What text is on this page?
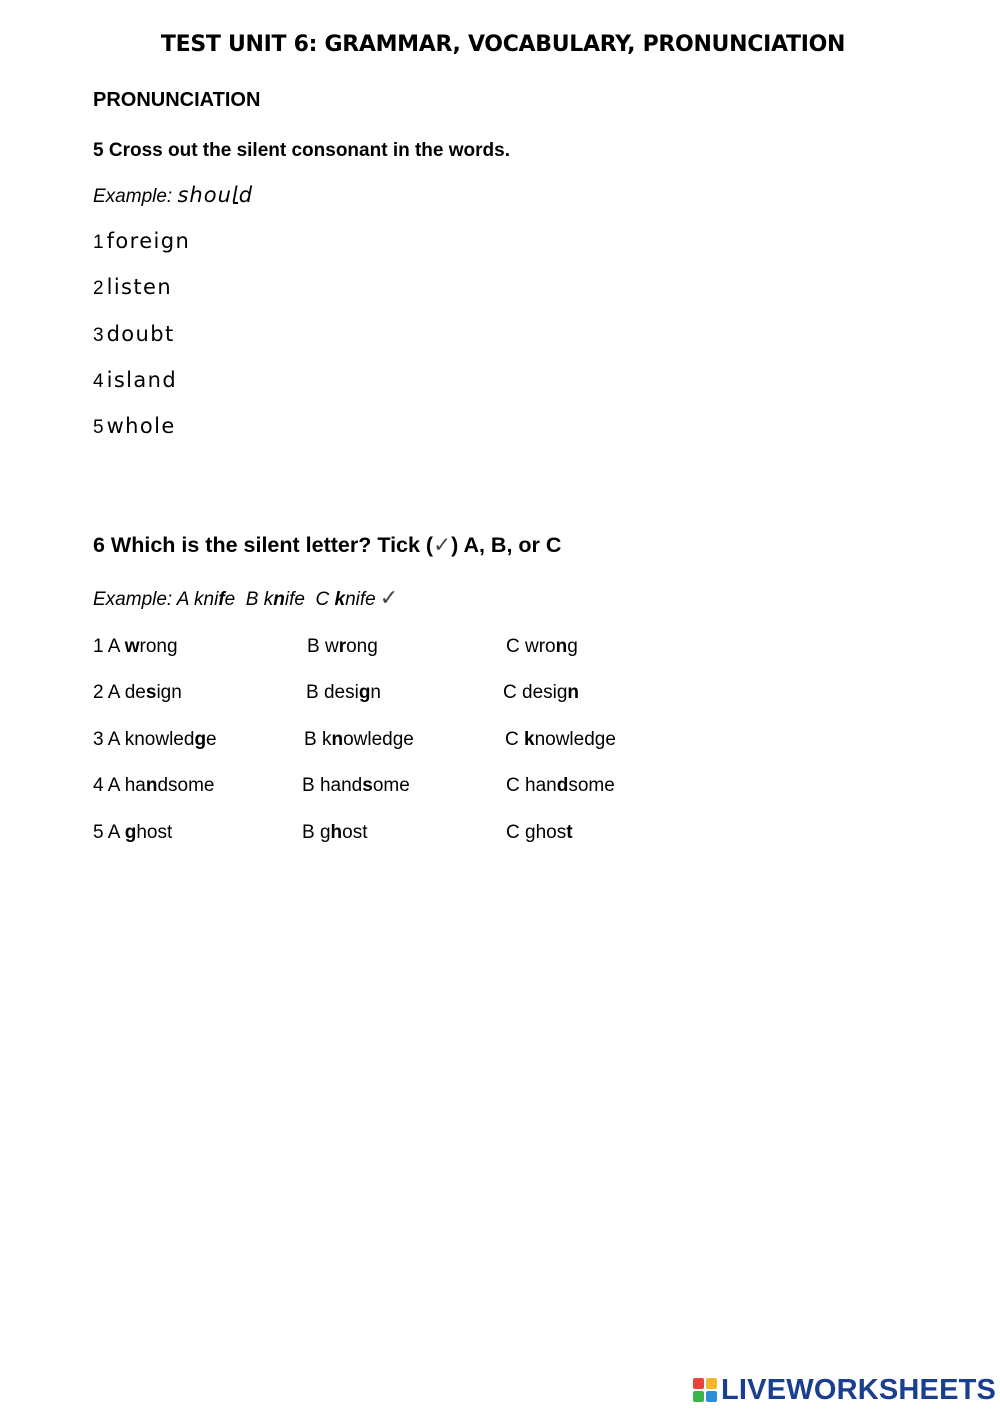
TEST UNIT 6: GRAMMAR, VOCABULARY, PRONUNCIATION
PRONUNCIATION
5 Cross out the silent consonant in the words.
Example: should
1 foreign
2 listen
3 doubt
4 island
5 whole
6 Which is the silent letter? Tick (✓) A, B, or C
Example: A knife  B knife  C knife ✓
1 A wrong	B wrong	C wrong
2 A design	B design	C design
3 A knowledge	B knowledge	C knowledge
4 A handsome	B handsome	C handsome
5 A ghost	B ghost	C ghost
LIVEWORKSHEETS
